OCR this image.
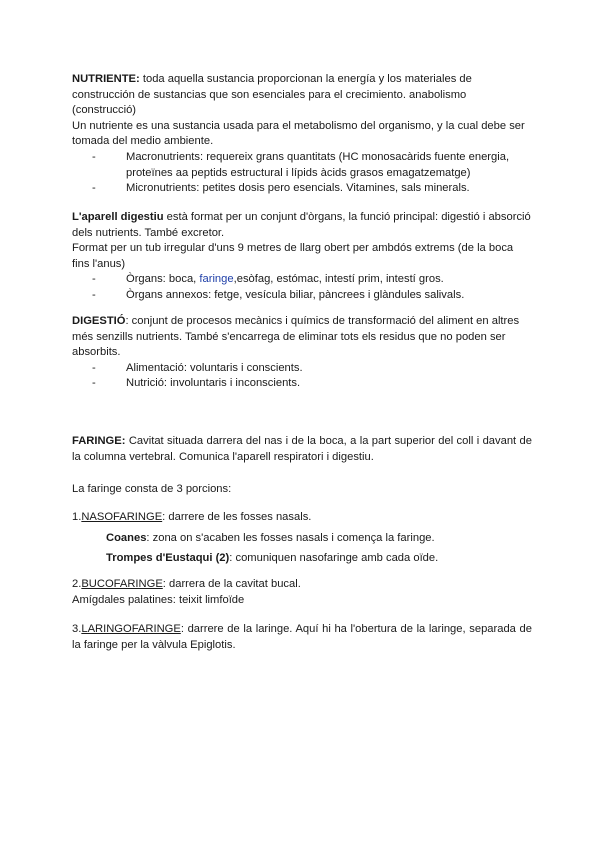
NUTRIENTE: toda aquella sustancia proporcionan la energía y los materiales de construcción de sustancias que son esenciales para el crecimiento. anabolismo (construcció)

Un nutriente es una sustancia usada para el metabolismo del organismo, y la cual debe ser tomada del medio ambiente.

- Macronutrients: requereix grans quantitats (HC monosacàrids fuente energia, proteïnes aa peptids estructural i lípids àcids grasos emagatzematge)
- Micronutrients: petites dosis pero esencials. Vitamines, sals minerals.

L'aparell digestiu està format per un conjunt d'òrgans, la funció principal: digestió i absorció dels nutrients. També excretor.

Format per un tub irregular d'uns 9 metres de llarg obert per ambdós extrems (de la boca fins l'anus)

- Òrgans: boca, faringe,esòfag, estómac, intestí prim, intestí gros.
- Òrgans annexos: fetge, vesícula biliar, pàncrees i glàndules salivals.

DIGESTIÓ: conjunt de procesos mecànics i químics de transformació del aliment en altres més senzills nutrients. També s'encarrega de eliminar tots els residus que no poden ser absorbits.

- Alimentació: voluntaris i conscients.
- Nutrició: involuntaris i inconscients.

FARINGE: Cavitat situada darrera del nas i de la boca, a la part superior del coll i davant de la columna vertebral. Comunica l'aparell respiratori i digestiu.

La faringe consta de 3 porcions:

1.NASOFARINGE: darrere de les fosses nasals.

Coanes: zona on s'acaben les fosses nasals i comença la faringe.

Trompes d'Eustaqui (2): comuniquen nasofaringe amb cada oïde.

2.BUCOFARINGE: darrera de la cavitat bucal.

Amígdales palatines: teixit limfoïde

3.LARINGOFARINGE: darrere de la laringe. Aquí hi ha l'obertura de la laringe, separada de la faringe per la vàlvula Epiglotis.
